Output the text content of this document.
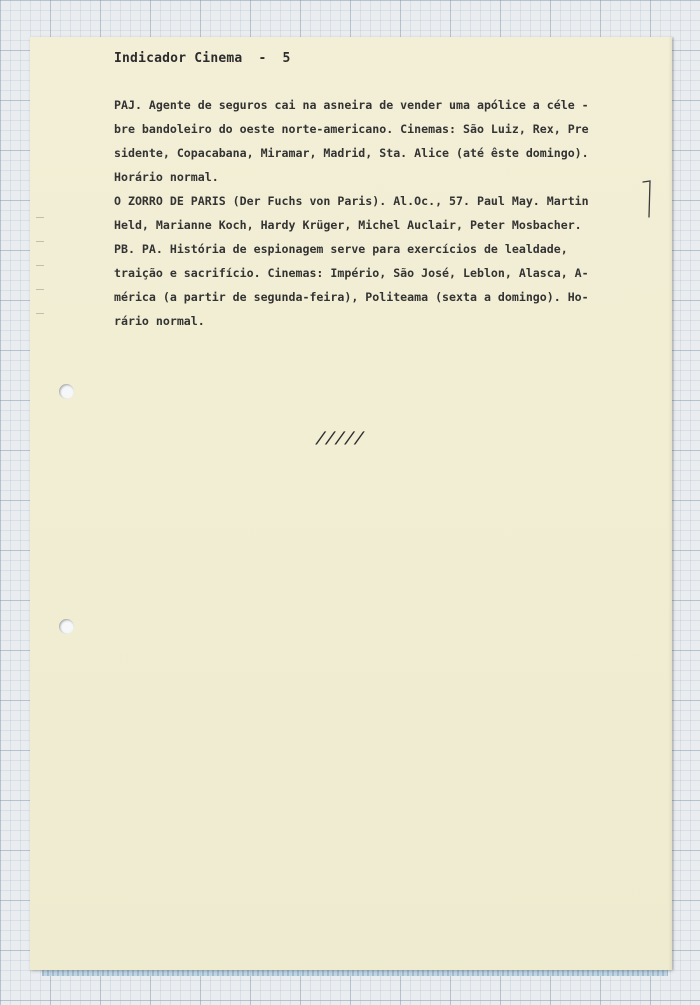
Indicador Cinema  -  5
PAJ. Agente de seguros cai na asneira de vender uma apólice a céle -
bre bandoleiro do oeste norte-americano. Cinemas: São Luiz, Rex, Pre
sidente, Copacabana, Miramar, Madrid, Sta. Alice (até êste domingo).
Horário normal.
O ZORRO DE PARIS (Der Fuchs von Paris). Al.Oc., 57. Paul May. Martin
Held, Marianne Koch, Hardy Krüger, Michel Auclair, Peter Mosbacher.
PB. PA. História de espionagem serve para exercícios de lealdade,
traição e sacrifício. Cinemas: Império, São José, Leblon, Alasca, A-
mérica (a partir de segunda-feira), Politeama (sexta a domingo). Ho-
rário normal.
/////
